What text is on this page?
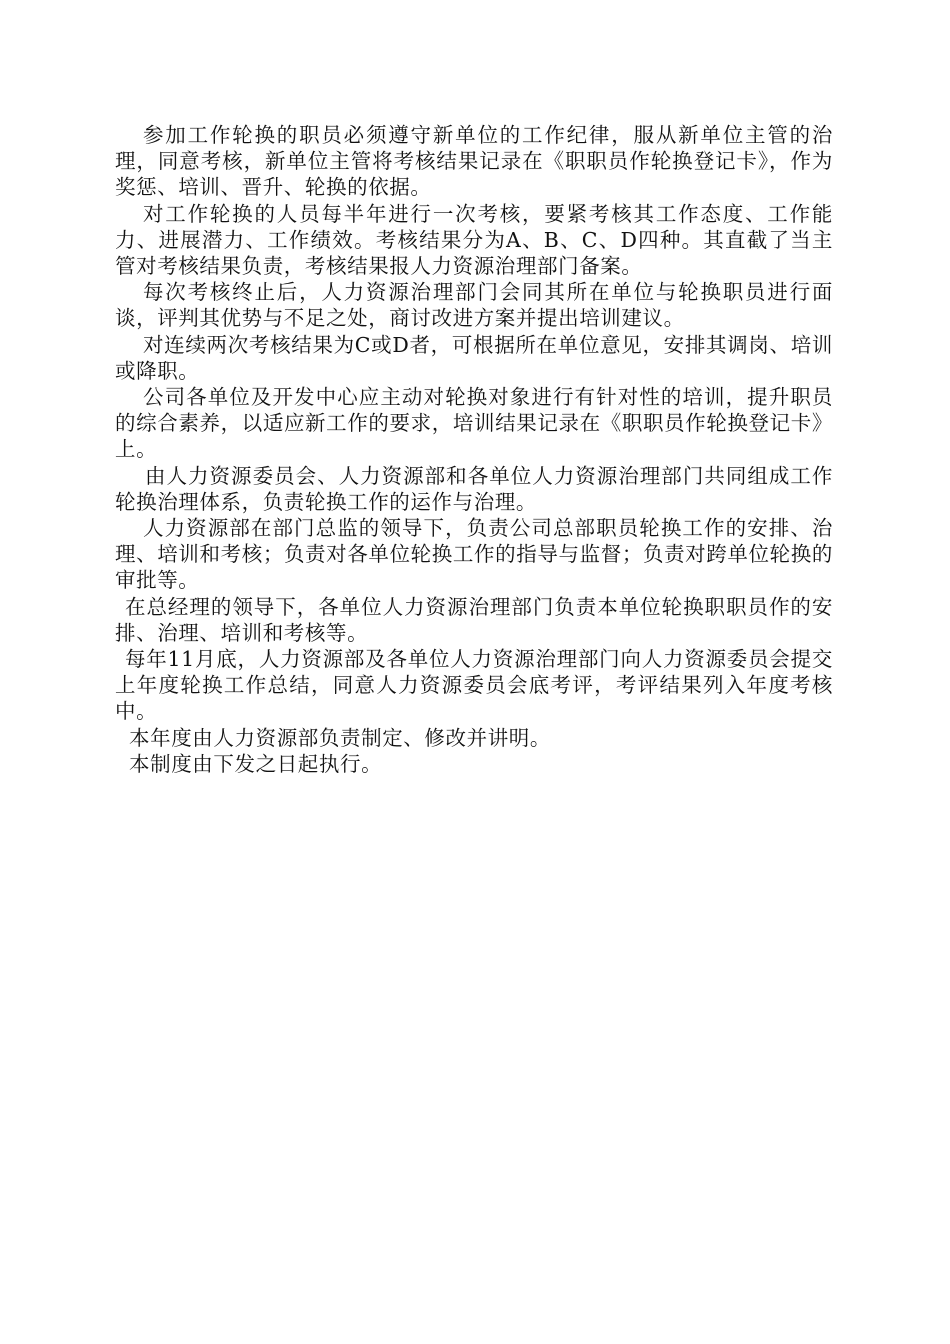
参加工作轮换的职员必须遵守新单位的工作纪律，服从新单位主管的治理，同意考核，新单位主管将考核结果记录在《职职员作轮换登记卡》，作为奖惩、培训、晋升、轮换的依据。

对工作轮换的人员每半年进行一次考核，要紧考核其工作态度、工作能力、进展潜力、工作绩效。考核结果分为A、B、C、D四种。其直截了当主管对考核结果负责，考核结果报人力资源治理部门备案。

每次考核终止后，人力资源治理部门会同其所在单位与轮换职员进行面谈，评判其优势与不足之处，商讨改进方案并提出培训建议。

对连续两次考核结果为C或D者，可根据所在单位意见，安排其调岗、培训或降职。

公司各单位及开发中心应主动对轮换对象进行有针对性的培训，提升职员的综合素养，以适应新工作的要求，培训结果记录在《职职员作轮换登记卡》上。

由人力资源委员会、人力资源部和各单位人力资源治理部门共同组成工作轮换治理体系，负责轮换工作的运作与治理。

人力资源部在部门总监的领导下，负责公司总部职员轮换工作的安排、治理、培训和考核；负责对各单位轮换工作的指导与监督；负责对跨单位轮换的审批等。

在总经理的领导下，各单位人力资源治理部门负责本单位轮换职职员作的安排、治理、培训和考核等。

每年11月底，人力资源部及各单位人力资源治理部门向人力资源委员会提交上年度轮换工作总结，同意人力资源委员会底考评，考评结果列入年度考核中。

本年度由人力资源部负责制定、修改并讲明。

本制度由下发之日起执行。
